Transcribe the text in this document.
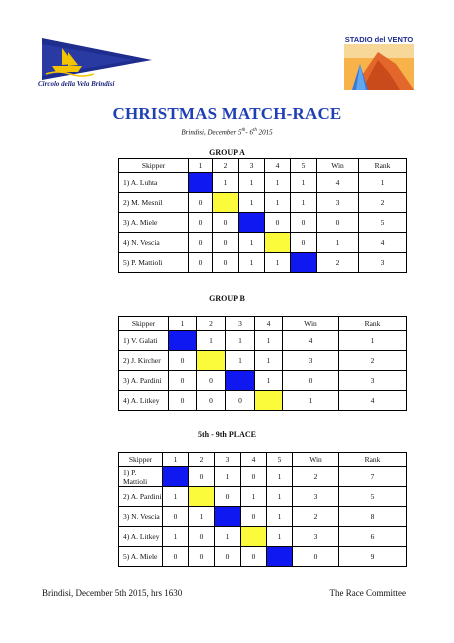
Circolo della Vela Brindisi
STADIO del VENTO
CHRISTMAS MATCH-RACE
Brindisi, December 5th- 6th 2015
GROUP A
Skipper	1	2	3	4	5	Win	Rank
1) A. Luhta		1	1	1	1	4	1
2) M. Mesnil	0		1	1	1	3	2
3) A. Miele	0	0		0	0	0	5
4) N. Vescia	0	0	1		0	1	4
5) P. Mattioli	0	0	1	1		2	3
GROUP B
Skipper	1	2	3	4	Win	Rank
1) V. Galati		1	1	1	4	1
2) J. Kircher	0		1	1	3	2
3) A. Pardini	0	0		1	0	3
4) A. Litkey	0	0	0		1	4
5th - 9th PLACE
Skipper	1	2	3	4	5	Win	Rank
1) P. Mattioli		0	1	0	1	2	7
2) A. Pardini	1		0	1	1	3	5
3) N. Vescia	0	1		0	1	2	8
4) A. Litkey	1	0	1		1	3	6
5) A. Miele	0	0	0	0		0	9
Brindisi, December 5th 2015, hrs 1630	The Race Committee
